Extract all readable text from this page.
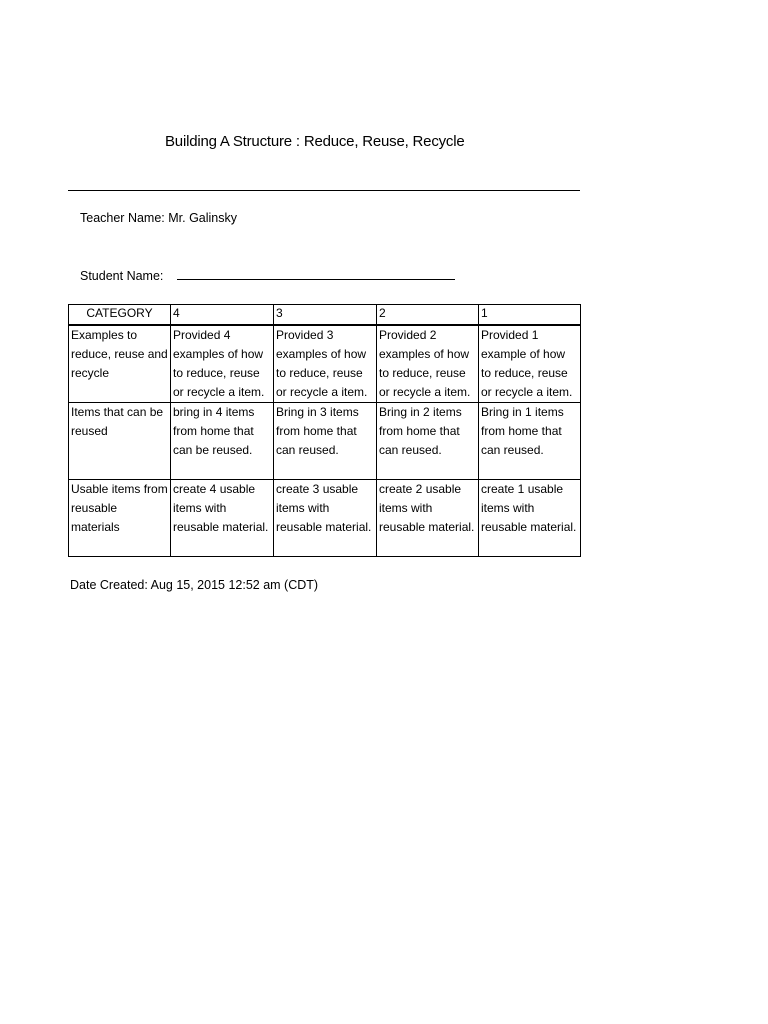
Building A Structure : Reduce, Reuse, Recycle
Teacher Name: Mr. Galinsky
Student Name:
CATEGORY	4	3	2	1
Examples to reduce, reuse and recycle	Provided 4 examples of how to reduce, reuse or recycle a item.	Provided 3 examples of how to reduce, reuse or recycle a item.	Provided 2 examples of how to reduce, reuse or recycle a item.	Provided 1 example of how to reduce, reuse or recycle a item.
Items that can be reused	bring in 4 items from home that can be reused.	Bring in 3 items from home that can reused.	Bring in 2 items from home that can reused.	Bring in 1 items from home that can reused.
Usable items from reusable materials	create 4 usable items with reusable material.	create 3 usable items with reusable material.	create 2 usable items with reusable material.	create 1 usable items with reusable material.
Date Created: Aug 15, 2015 12:52 am (CDT)
